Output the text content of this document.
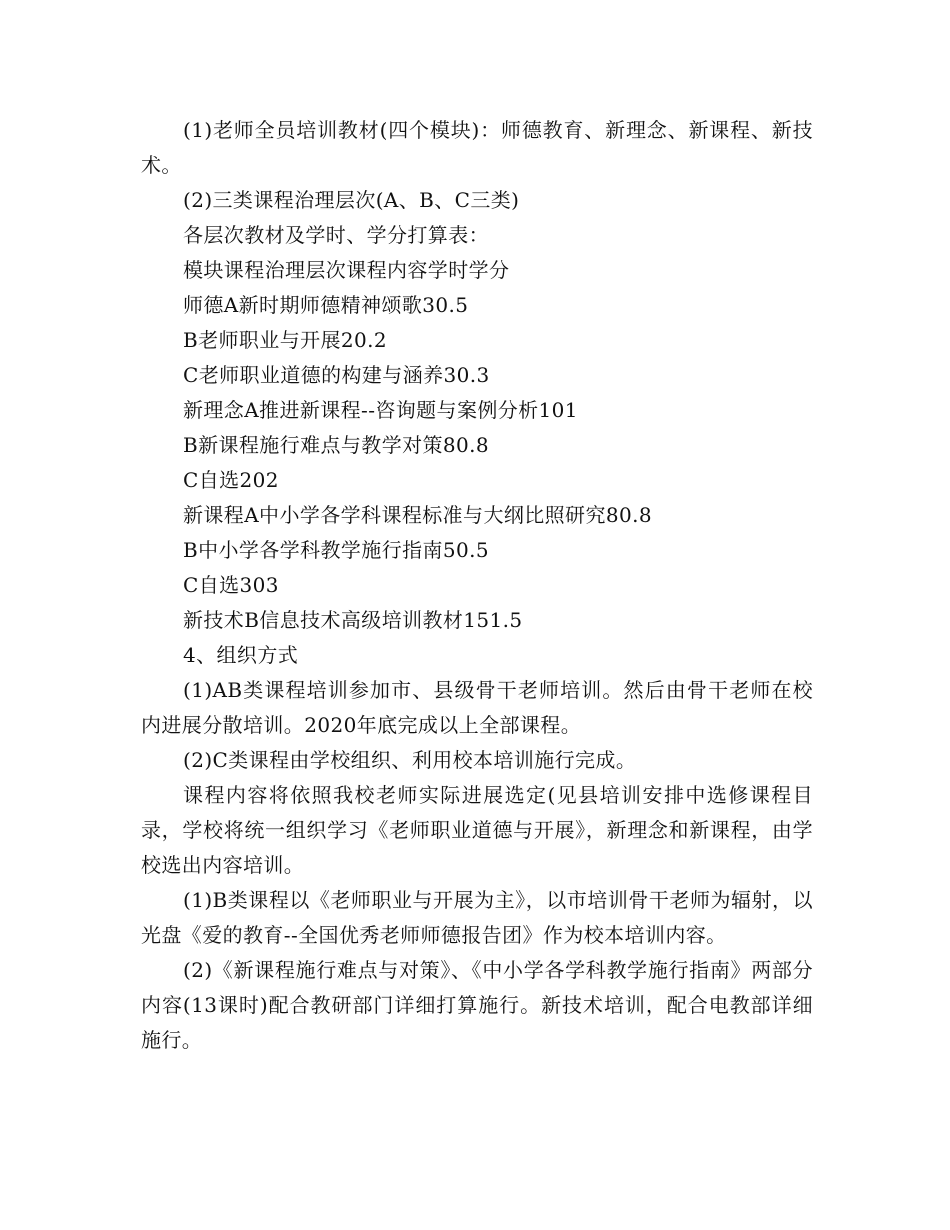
(1)老师全员培训教材(四个模块)：师德教育、新理念、新课程、新技术。

(2)三类课程治理层次(A、B、C三类)

各层次教材及学时、学分打算表：

模块课程治理层次课程内容学时学分

师德A新时期师德精神颂歌30.5

B老师职业与开展20.2

C老师职业道德的构建与涵养30.3

新理念A推进新课程--咨询题与案例分析101

B新课程施行难点与教学对策80.8

C自选202

新课程A中小学各学科课程标准与大纲比照研究80.8

B中小学各学科教学施行指南50.5

C自选303

新技术B信息技术高级培训教材151.5

4、组织方式

(1)AB类课程培训参加市、县级骨干老师培训。然后由骨干老师在校内进展分散培训。2020年底完成以上全部课程。

(2)C类课程由学校组织、利用校本培训施行完成。

课程内容将依照我校老师实际进展选定(见县培训安排中选修课程目录，学校将统一组织学习《老师职业道德与开展》，新理念和新课程，由学校选出内容培训。

(1)B类课程以《老师职业与开展为主》，以市培训骨干老师为辐射，以光盘《爱的教育--全国优秀老师师德报告团》作为校本培训内容。

(2)《新课程施行难点与对策》、《中小学各学科教学施行指南》两部分内容(13课时)配合教研部门详细打算施行。新技术培训，配合电教部详细施行。
